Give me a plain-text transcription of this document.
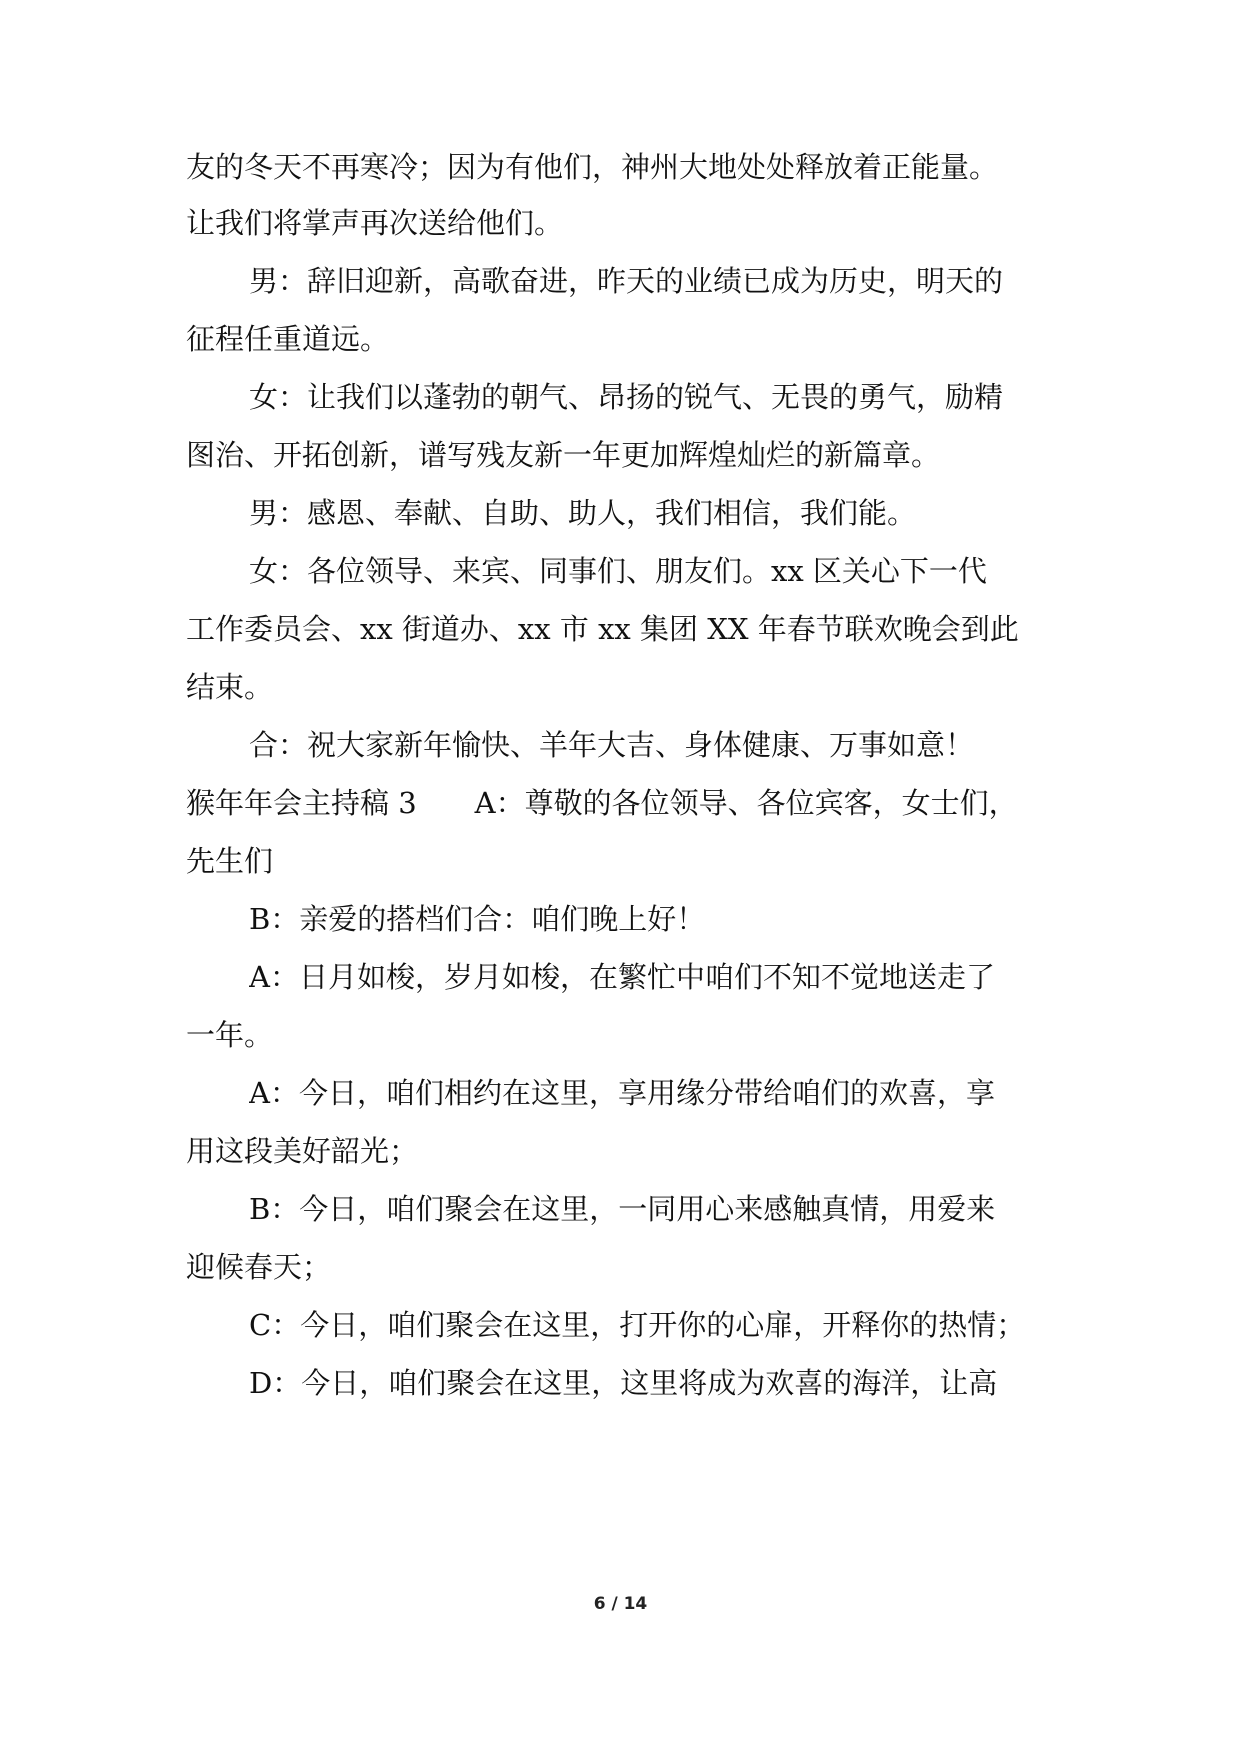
友的冬天不再寒冷；因为有他们，神州大地处处释放着正能量。
让我们将掌声再次送给他们。
男：辞旧迎新，高歌奋进，昨天的业绩已成为历史，明天的
征程任重道远。
女：让我们以蓬勃的朝气、昂扬的锐气、无畏的勇气，励精
图治、开拓创新，谱写残友新一年更加辉煌灿烂的新篇章。
男：感恩、奉献、自助、助人，我们相信，我们能。
女：各位领导、来宾、同事们、朋友们。xx 区关心下一代
工作委员会、xx 街道办、xx 市 xx 集团 XX 年春节联欢晚会到此
结束。
合：祝大家新年愉快、羊年大吉、身体健康、万事如意！
猴年年会主持稿 3　　A：尊敬的各位领导、各位宾客，女士们，
先生们
B：亲爱的搭档们合：咱们晚上好！
A：日月如梭，岁月如梭，在繁忙中咱们不知不觉地送走了
一年。
A：今日，咱们相约在这里，享用缘分带给咱们的欢喜，享
用这段美好韶光；
B：今日，咱们聚会在这里，一同用心来感触真情，用爱来
迎候春天；
C：今日，咱们聚会在这里，打开你的心扉，开释你的热情；
D：今日，咱们聚会在这里，这里将成为欢喜的海洋，让高
6 / 14
